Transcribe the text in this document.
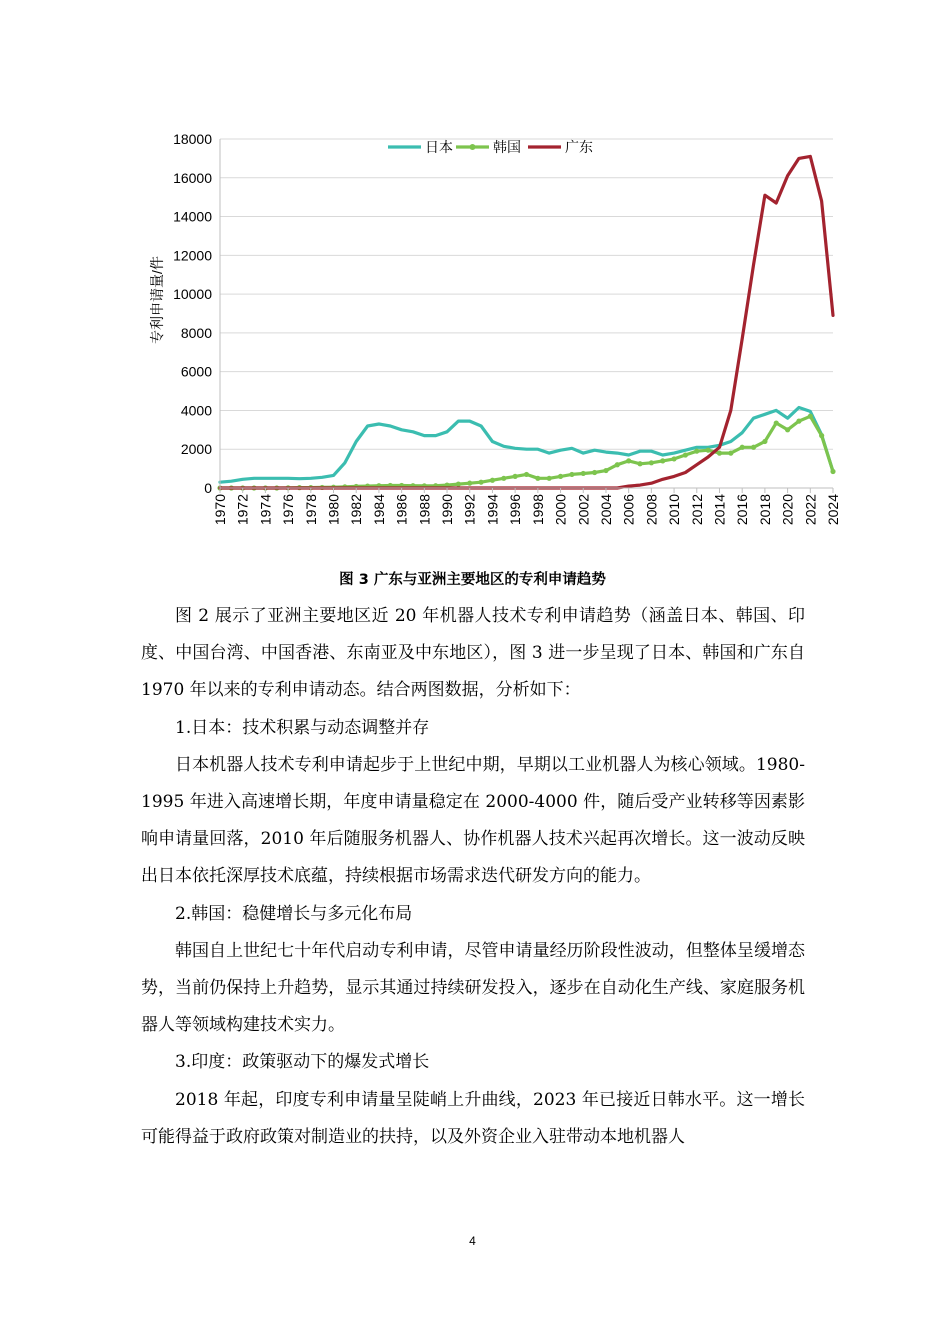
0
2000
4000
6000
8000
10000
12000
14000
16000
18000
1970 1972 1974 1976 1978 1980 1982 1984 1986 1988 1990 1992 1994 1996 1998 2000 2002 2004 2006 2008 2010 2012 2014 2016 2018 2020 2022 2024
日本	韩国	广东
专利申请量/件
图 3 广东与亚洲主要地区的专利申请趋势

图 2 展示了亚洲主要地区近 20 年机器人技术专利申请趋势（涵盖日本、韩国、印度、中国台湾、中国香港、东南亚及中东地区），图 3 进一步呈现了日本、韩国和广东自 1970 年以来的专利申请动态。结合两图数据，分析如下：

1.日本：技术积累与动态调整并存

日本机器人技术专利申请起步于上世纪中期，早期以工业机器人为核心领域。1980-1995 年进入高速增长期，年度申请量稳定在 2000-4000 件，随后受产业转移等因素影响申请量回落，2010 年后随服务机器人、协作机器人技术兴起再次增长。这一波动反映出日本依托深厚技术底蕴，持续根据市场需求迭代研发方向的能力。

2.韩国：稳健增长与多元化布局

韩国自上世纪七十年代启动专利申请，尽管申请量经历阶段性波动，但整体呈缓增态势，当前仍保持上升趋势，显示其通过持续研发投入，逐步在自动化生产线、家庭服务机器人等领域构建技术实力。

3.印度：政策驱动下的爆发式增长

2018 年起，印度专利申请量呈陡峭上升曲线，2023 年已接近日韩水平。这一增长可能得益于政府政策对制造业的扶持，以及外资企业入驻带动本地机器人

4
